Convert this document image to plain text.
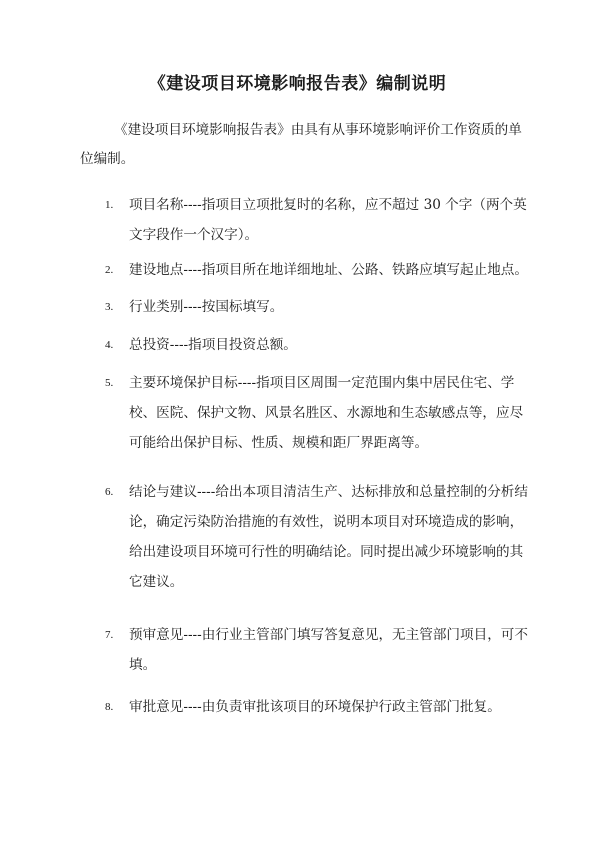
《建设项目环境影响报告表》编制说明

《建设项目环境影响报告表》由具有从事环境影响评价工作资质的单位编制。

1. 项目名称----指项目立项批复时的名称，应不超过 30 个字（两个英文字段作一个汉字）。
2. 建设地点----指项目所在地详细地址、公路、铁路应填写起止地点。
3. 行业类别----按国标填写。
4. 总投资----指项目投资总额。
5. 主要环境保护目标----指项目区周围一定范围内集中居民住宅、学校、医院、保护文物、风景名胜区、水源地和生态敏感点等，应尽可能给出保护目标、性质、规模和距厂界距离等。
6. 结论与建议----给出本项目清洁生产、达标排放和总量控制的分析结论，确定污染防治措施的有效性，说明本项目对环境造成的影响，给出建设项目环境可行性的明确结论。同时提出减少环境影响的其它建议。
7. 预审意见----由行业主管部门填写答复意见，无主管部门项目，可不填。
8. 审批意见----由负责审批该项目的环境保护行政主管部门批复。
